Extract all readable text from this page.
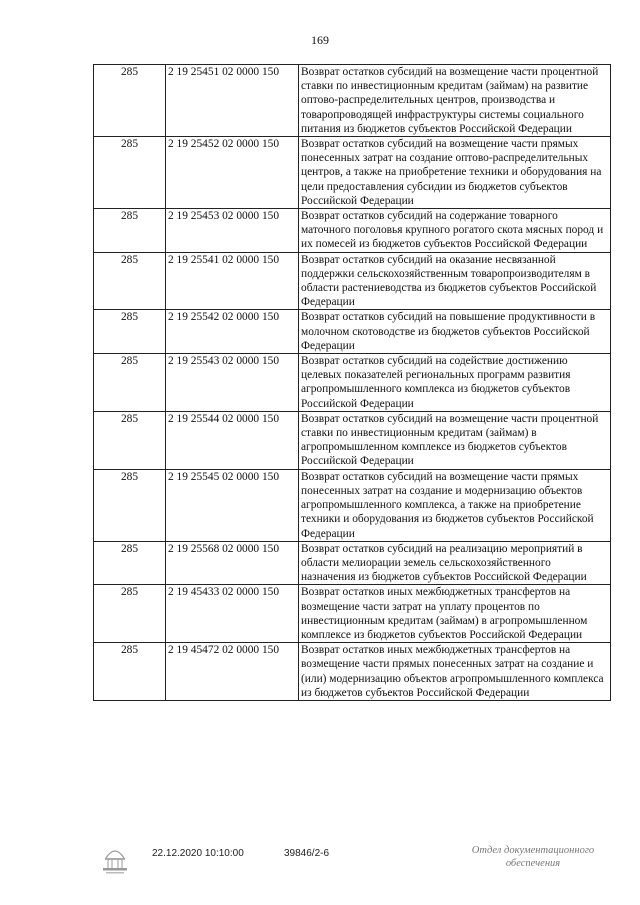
169
285	2 19 25451 02 0000 150	Возврат остатков субсидий на возмещение части процентной ставки по инвестиционным кредитам (займам) на развитие оптово-распределительных центров, производства и товаропроводящей инфраструктуры системы социального питания из бюджетов субъектов Российской Федерации
285	2 19 25452 02 0000 150	Возврат остатков субсидий на возмещение части прямых понесенных затрат на создание оптово-распределительных центров, а также на приобретение техники и оборудования на цели предоставления субсидии из бюджетов субъектов Российской Федерации
285	2 19 25453 02 0000 150	Возврат остатков субсидий на содержание товарного маточного поголовья крупного рогатого скота мясных пород и их помесей из бюджетов субъектов Российской Федерации
285	2 19 25541 02 0000 150	Возврат остатков субсидий на оказание несвязанной поддержки сельскохозяйственным товаропроизводителям в области растениеводства из бюджетов субъектов Российской Федерации
285	2 19 25542 02 0000 150	Возврат остатков субсидий на повышение продуктивности в молочном скотоводстве из бюджетов субъектов Российской Федерации
285	2 19 25543 02 0000 150	Возврат остатков субсидий на содействие достижению целевых показателей региональных программ развития агропромышленного комплекса из бюджетов субъектов Российской Федерации
285	2 19 25544 02 0000 150	Возврат остатков субсидий на возмещение части процентной ставки по инвестиционным кредитам (займам) в агропромышленном комплексе из бюджетов субъектов Российской Федерации
285	2 19 25545 02 0000 150	Возврат остатков субсидий на возмещение части прямых понесенных затрат на создание и модернизацию объектов агропромышленного комплекса, а также на приобретение техники и оборудования из бюджетов субъектов Российской Федерации
285	2 19 25568 02 0000 150	Возврат остатков субсидий на реализацию мероприятий в области мелиорации земель сельскохозяйственного назначения из бюджетов субъектов Российской Федерации
285	2 19 45433 02 0000 150	Возврат остатков иных межбюджетных трансфертов на возмещение части затрат на уплату процентов по инвестиционным кредитам (займам) в агропромышленном комплексе из бюджетов субъектов Российской Федерации
285	2 19 45472 02 0000 150	Возврат остатков иных межбюджетных трансфертов на возмещение части прямых понесенных затрат на создание и (или) модернизацию объектов агропромышленного комплекса из бюджетов субъектов Российской Федерации
22.12.2020 10:10:00	39846/2-6	Отдел документационного
обеспечения
